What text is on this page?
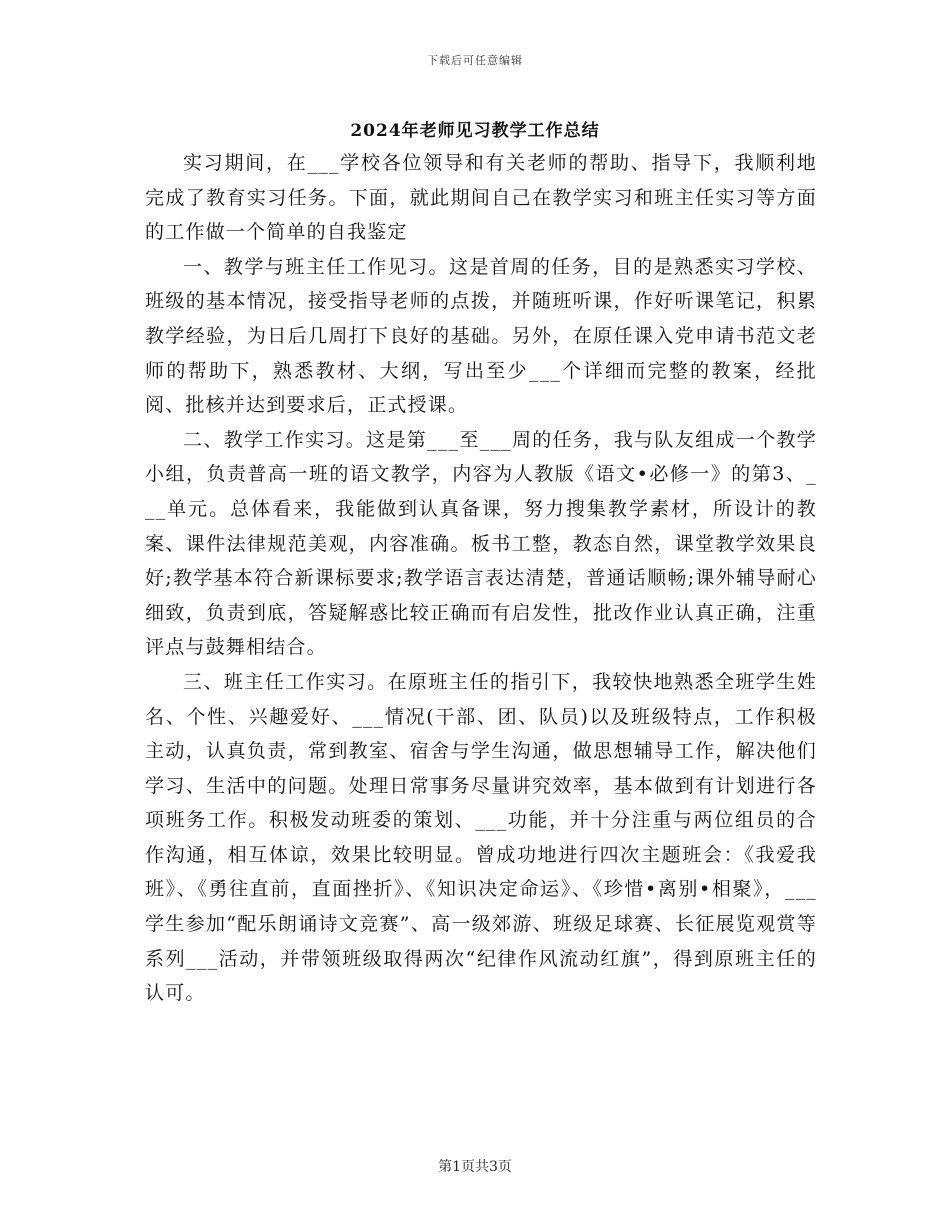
下载后可任意编辑
2024年老师见习教学工作总结

实习期间，在___学校各位领导和有关老师的帮助、指导下，我顺利地完成了教育实习任务。下面，就此期间自己在教学实习和班主任实习等方面的工作做一个简单的自我鉴定

一、教学与班主任工作见习。这是首周的任务，目的是熟悉实习学校、班级的基本情况，接受指导老师的点拨，并随班听课，作好听课笔记，积累教学经验，为日后几周打下良好的基础。另外，在原任课入党申请书范文老师的帮助下，熟悉教材、大纲，写出至少___个详细而完整的教案，经批阅、批核并达到要求后，正式授课。

二、教学工作实习。这是第___至___周的任务，我与队友组成一个教学小组，负责普高一班的语文教学，内容为人教版《语文•必修一》的第3、___单元。总体看来，我能做到认真备课，努力搜集教学素材，所设计的教案、课件法律规范美观，内容准确。板书工整，教态自然，课堂教学效果良好;教学基本符合新课标要求;教学语言表达清楚，普通话顺畅;课外辅导耐心细致，负责到底，答疑解惑比较正确而有启发性，批改作业认真正确，注重评点与鼓舞相结合。

三、班主任工作实习。在原班主任的指引下，我较快地熟悉全班学生姓名、个性、兴趣爱好、___情况(干部、团、队员)以及班级特点，工作积极主动，认真负责，常到教室、宿舍与学生沟通，做思想辅导工作，解决他们学习、生活中的问题。处理日常事务尽量讲究效率，基本做到有计划进行各项班务工作。积极发动班委的策划、___功能，并十分注重与两位组员的合作沟通，相互体谅，效果比较明显。曾成功地进行四次主题班会：《我爱我班》、《勇往直前，直面挫折》、《知识决定命运》、《珍惜•离别•相聚》，___学生参加“配乐朗诵诗文竞赛”、高一级郊游、班级足球赛、长征展览观赏等系列___活动，并带领班级取得两次“纪律作风流动红旗”，得到原班主任的认可。

第1页共3页
